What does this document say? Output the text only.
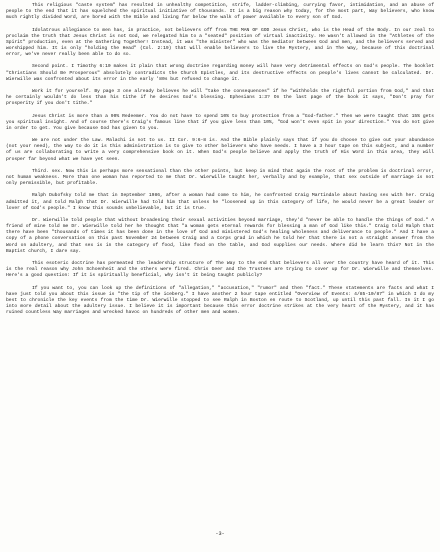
This religious "caste system" has resulted in unhealthy competition, strife, ladder-climbing, currying favor, intimidation, and an abuse of people to the end that it has squelched the spiritual initiative of thousands. It is a big reason why today, for the most part, Way believers, who know much rightly divided Word, are bored with the Bible and living far below the walk of power available to every son of God.

Idolatrous allegiance to men has, in practice, not believers off from THE MAN OF GOD Jesus Christ, who is the Head of the Body. In our zeal to proclaim the truth that Jesus Christ is not God, we relegated him to a "seated" position of virtual inactivity. He wasn't allowed in the "Athletes of the Spirit" production, even at the Gathering Together! Instead, it was "the minister" who was the mediator between God and men, and the believers served and worshipped him. It is only "holding the Head" (Col. 2:19) that will enable believers to live the Mystery, and in The Way, because of this doctrinal error, we've never really been able to do so.

Second point. I Timothy 6:10 makes it plain that wrong doctrine regarding money will have very detrimental effects on God's people. The booklet "Christians Should Be Prosperous" absolutely contradicts the Church Epistles, and its destructive effects on people's lives cannot be calculated. Dr. Wierwille was confronted about its error in the early '80s but refused to change it.

Work it for yourself. By page 3 one already believes he will "take the consequences" if he "withholds the rightful portion from God," and that he certainly wouldn't do less than his tithe if he desires God's blessing. Ephesians 1:3? On the last page of the book it says, "Don't pray for prosperity if you don't tithe."

Jesus Christ is more than a 90% Redeemer. You do not have to spend 10% to buy protection from a "God-father." Then we were taught that 15% gets you spiritual insight. And of course there's Craig's famous line that if you give less than 10%, "God won't even spit in your direction." You do not give in order to get. You give because God has given to you.

We are not under the Law. Malachi is not to us. II Cor. 9:6-8 is. And the Bible plainly says that if you do choose to give out your abundance (not your need), the way to do it is this administration is to give to other believers who have needs. I have a 3 hour tape on this subject, and a number of us are collaborating to write a very comprehensive book on it. When God's people believe and apply the truth of His Word in this area, they will prosper far beyond what we have yet seen.

Third. sex. Now this is perhaps more sensational than the other points, but keep in mind that again the root of the problem is doctrinal error, not human weakness. More than one woman has reported to me that Dr. Wierwille taught her, verbally and by example, that sex outside of marriage is not only permissible, but profitable.

Ralph Dubofsky told me that in September 1986, after a woman had come to him, he confronted Craig Martindale about having sex with her. Craig admitted it, and told Ralph that Dr. Wierwille had told him that unless he "loosened up in this category of life, he would never be a great leader or lover of God's people." I know this sounds unbelievable, but it is true.

Dr. Wierwille told people that without broadening their sexual activities beyond marriage, they'd "never be able to handle the things of God." A friend of mine told me Dr. Wierwille told her he thought that "a woman gets eternal rewards for blessing a man of God like this." Craig told Ralph that there have been "thousands of times it has been done in the love of God and ministered God's healing wholeness and deliverance to people." And I have a copy of a phone conversation on this past November 24 between Craig and a Corps grad in which he told her that there is not a straight answer from the Word on adultery, and that sex is in the category of food, like food on the table, and God supplies our needs. Where did he learn this? Not in the Baptist church, I dare say.

This esoteric doctrine has permeated the leadership structure of The Way to the end that believers all over the country have heard of it. This is the real reason why John Schoenheit and the others were fired. Chris Geer and the Trustees are trying to cover up for Dr. Wierwille and themselves. Here's a good question: If it is spiritually beneficial, why isn't it being taught publicly?

If you want to, you can look up the definitions of "allegation," "accusation," "rumor" and then "fact." These statements are facts and what I have just told you about this issue is "the tip of the iceberg." I have another 2 hour tape entitled "Overview of Events: 4/85-10/87" in which I do my best to chronicle the key events from the time Dr. Wierwille stopped to see Ralph in Boston en route to Scotland, up until this past fall. In it I go into more detail about the adultery issue. I believe it is important because this error doctrine strikes at the very heart of the Mystery, and it has ruined countless Way marriages and wrecked havoc on hundreds of other men and women.

-3-
